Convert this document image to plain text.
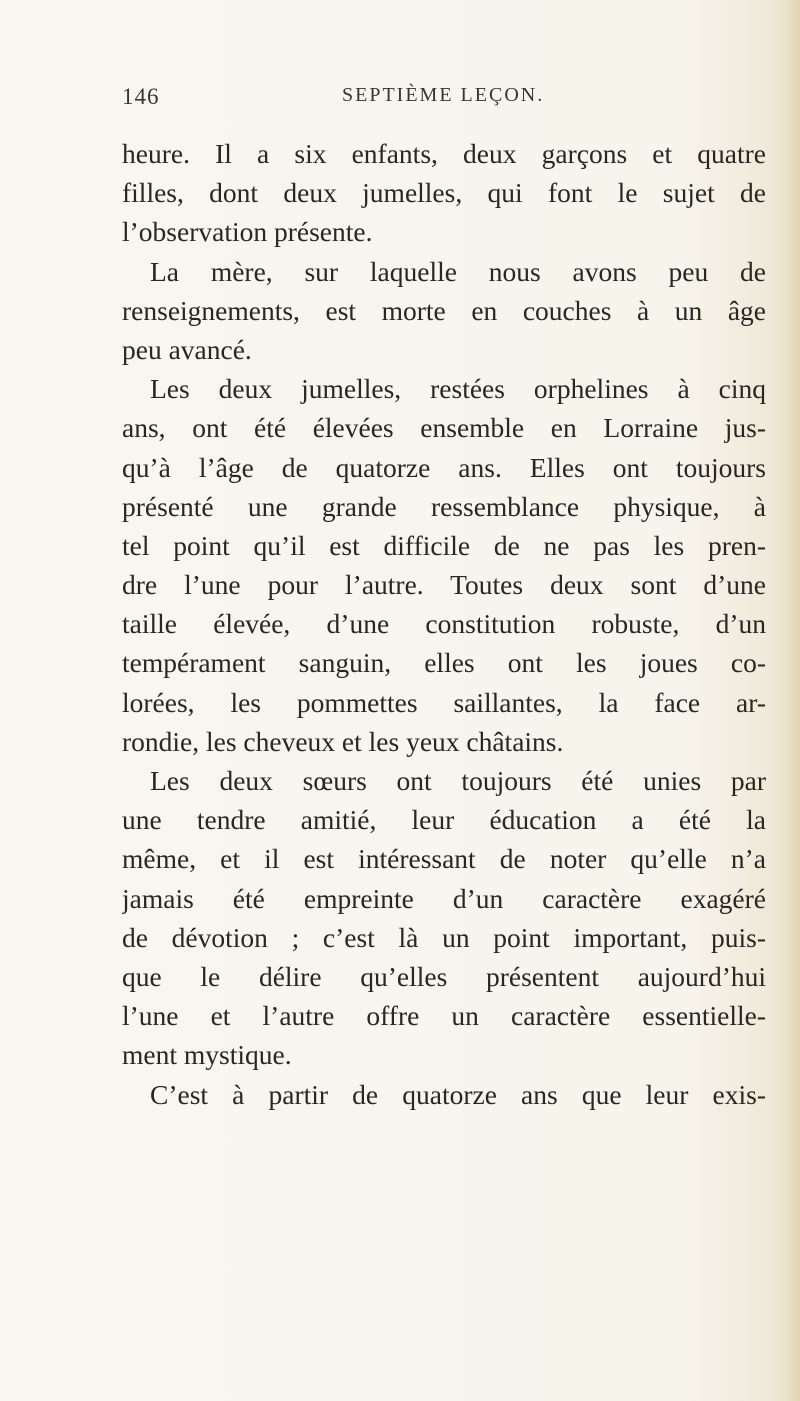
146	SEPTIÈME LEÇON.
heure. Il a six enfants, deux garçons et quatre
filles, dont deux jumelles, qui font le sujet de
l’observation présente.
La mère, sur laquelle nous avons peu de
renseignements, est morte en couches à un âge
peu avancé.
Les deux jumelles, restées orphelines à cinq
ans, ont été élevées ensemble en Lorraine jus-
qu’à l’âge de quatorze ans. Elles ont toujours
présenté une grande ressemblance physique, à
tel point qu’il est difficile de ne pas les pren-
dre l’une pour l’autre. Toutes deux sont d’une
taille élevée, d’une constitution robuste, d’un
tempérament sanguin, elles ont les joues co-
lorées, les pommettes saillantes, la face ar-
rondie, les cheveux et les yeux châtains.
Les deux sœurs ont toujours été unies par
une tendre amitié, leur éducation a été la
même, et il est intéressant de noter qu’elle n’a
jamais été empreinte d’un caractère exagéré
de dévotion ; c’est là un point important, puis-
que le délire qu’elles présentent aujourd’hui
l’une et l’autre offre un caractère essentielle-
ment mystique.
C’est à partir de quatorze ans que leur exis-
